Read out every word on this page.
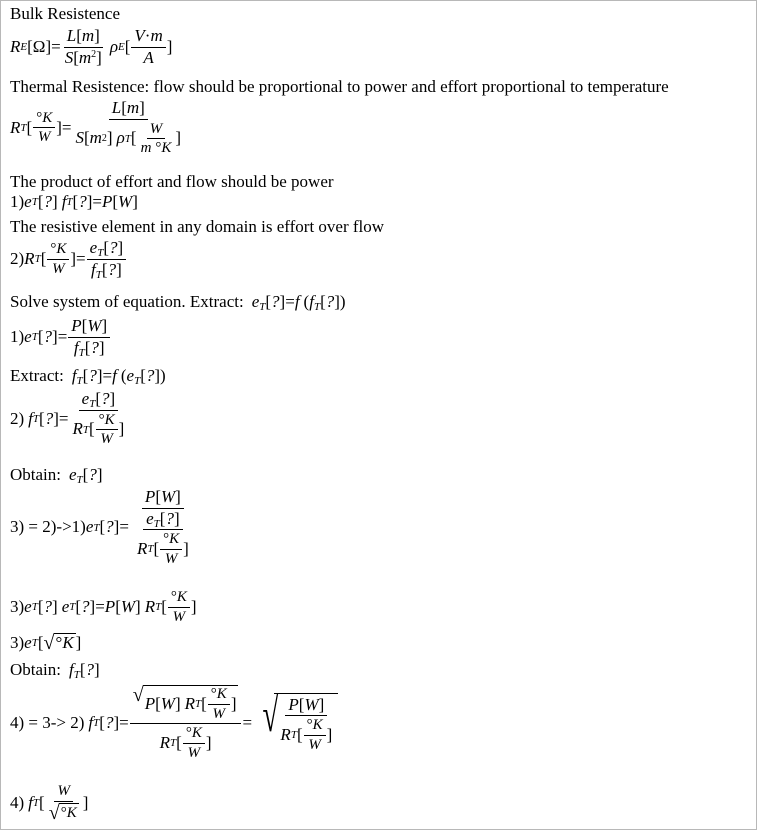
Bulk Resistence
R E [ Ω ] = $\frac{L[m]}{S[m^2]}$ ρ E [ $\frac{V\cdot m}{A}$ ]
Thermal Resistence: flow should be proportional to power and effort proportional to temperature
R T [ $\frac{^\circ K}{W}$ ] =
L[m]
S [ m 2 ] ρ T [ $\frac{W}{m ^\circ K}$ ]
The product of effort and flow should be power
1) e T [ ? ] f T [ ? ] = P [ W ]
The resistive element in any domain is effort over flow
2) R T [ $\frac{^\circ K}{W}$ ] = $\frac{e_T[?]}{f_T[?]}$
Solve system of equation. Extract: $e_T[?]=f$ $(f_T[?])$
1) e T [ ? ] = $\frac{P[W]}{f_T[?]}$
Extract: $f_T[?]=f$ $(e_T[?])$
2) f T [ ? ] = $\frac{e_T[?]}{R T [ \frac{^\circ K}{W} ]}$
Obtain: $e_T[?]$
3) = 2)->1) e T [ ? ] =
P[W]
$e_T[?]$
R T [ $\frac{^\circ K}{W}$ ]
3) e T [ ? ] e T [ ? ] = P [ W ] R T [ $\frac{^\circ K}{W}$ ]
3) e T [ √ ° K ]
Obtain: $f_T[?]$
4) = 3-> 2) f T [ ? ] =
√ P [ W ] R T [ $\frac{^\circ K}{W}$ ]
R T [ $\frac{^\circ K}{W}$ ]
= √ P[W]
R T [ $\frac{^\circ K}{W}$ ]
4) f T [ $\frac{W}{√ ^\circ K}$ ]
